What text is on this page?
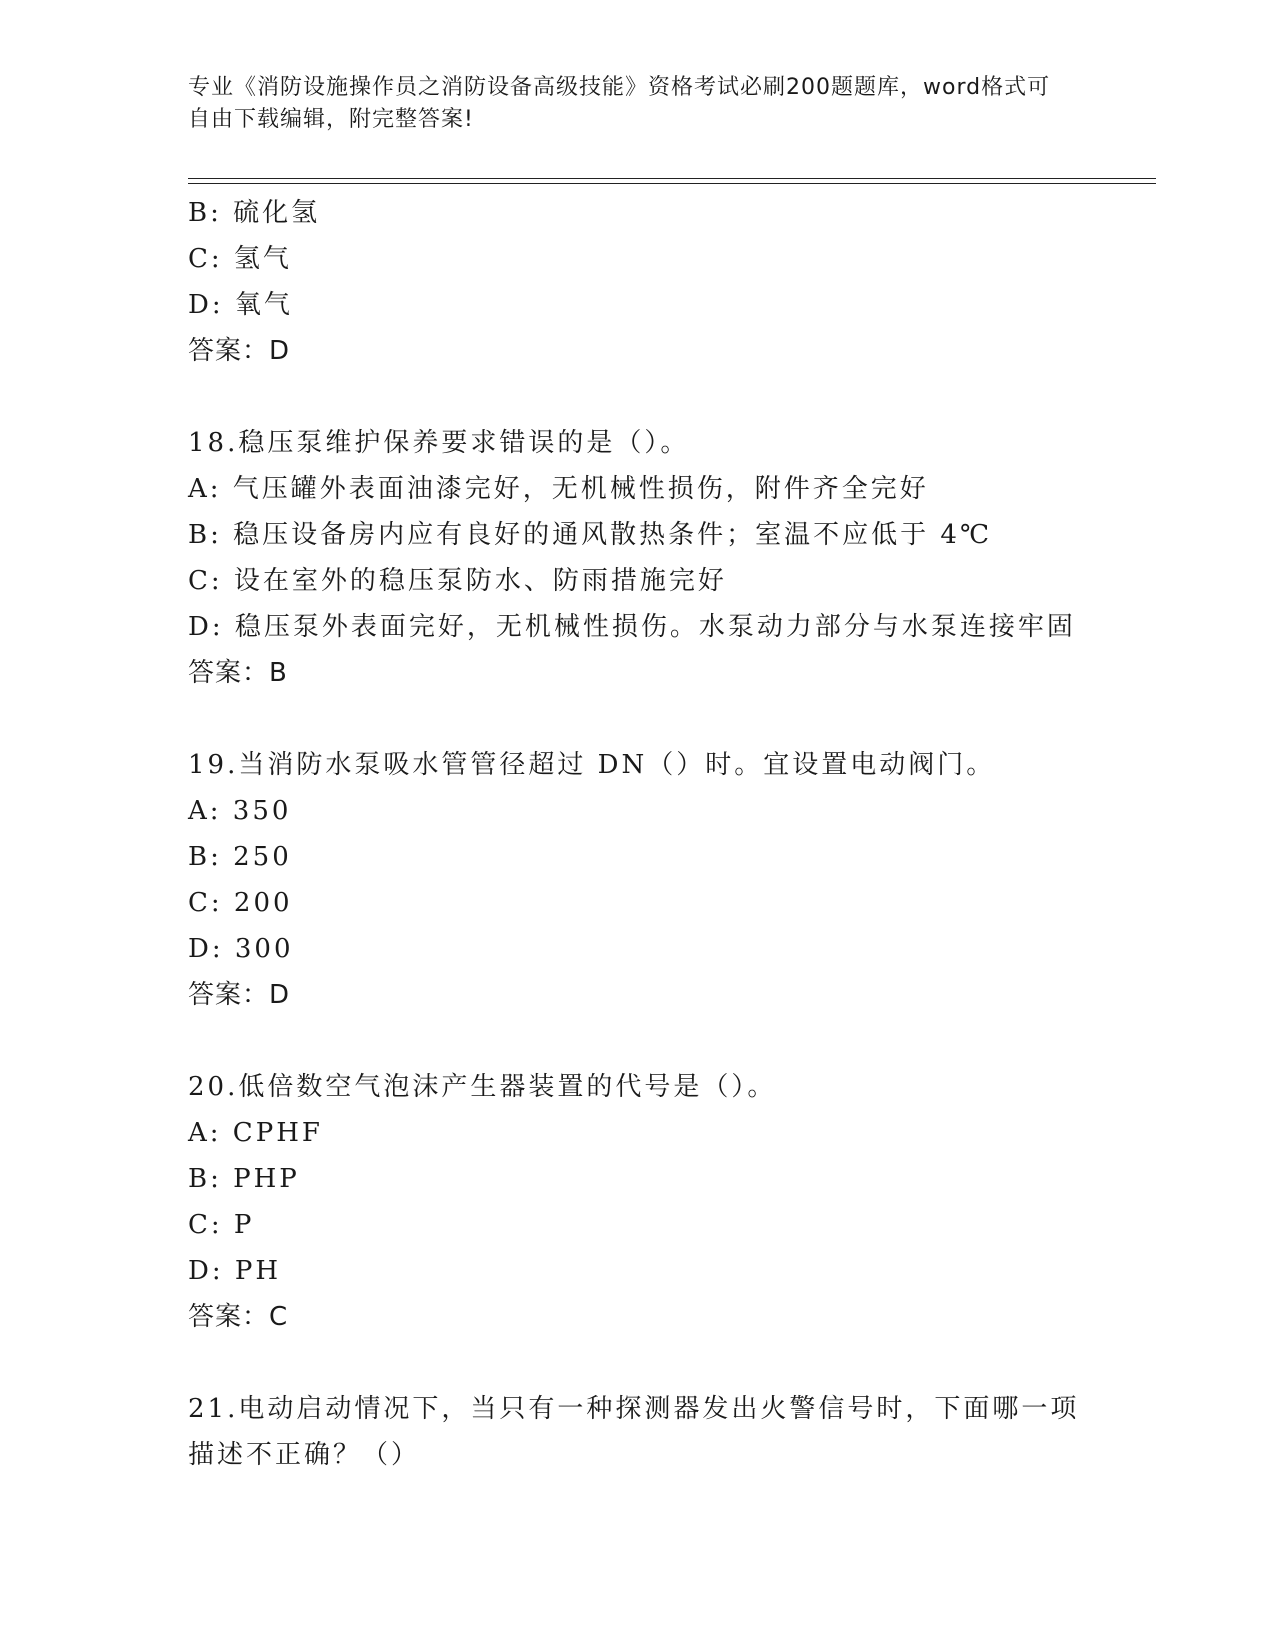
专业《消防设施操作员之消防设备高级技能》资格考试必刷200题题库，word格式可自由下载编辑，附完整答案!
B: 硫化氢
C: 氢气
D: 氧气
答案：D
18.稳压泵维护保养要求错误的是（）。
A: 气压罐外表面油漆完好，无机械性损伤，附件齐全完好
B: 稳压设备房内应有良好的通风散热条件；室温不应低于 4℃
C: 设在室外的稳压泵防水、防雨措施完好
D: 稳压泵外表面完好，无机械性损伤。水泵动力部分与水泵连接牢固
答案：B
19.当消防水泵吸水管管径超过 DN（）时。宜设置电动阀门。
A: 350
B: 250
C: 200
D: 300
答案：D
20.低倍数空气泡沫产生器装置的代号是（）。
A: CPHF
B: PHP
C: P
D: PH
答案：C
21.电动启动情况下，当只有一种探测器发出火警信号时，下面哪一项描述不正确？（）
